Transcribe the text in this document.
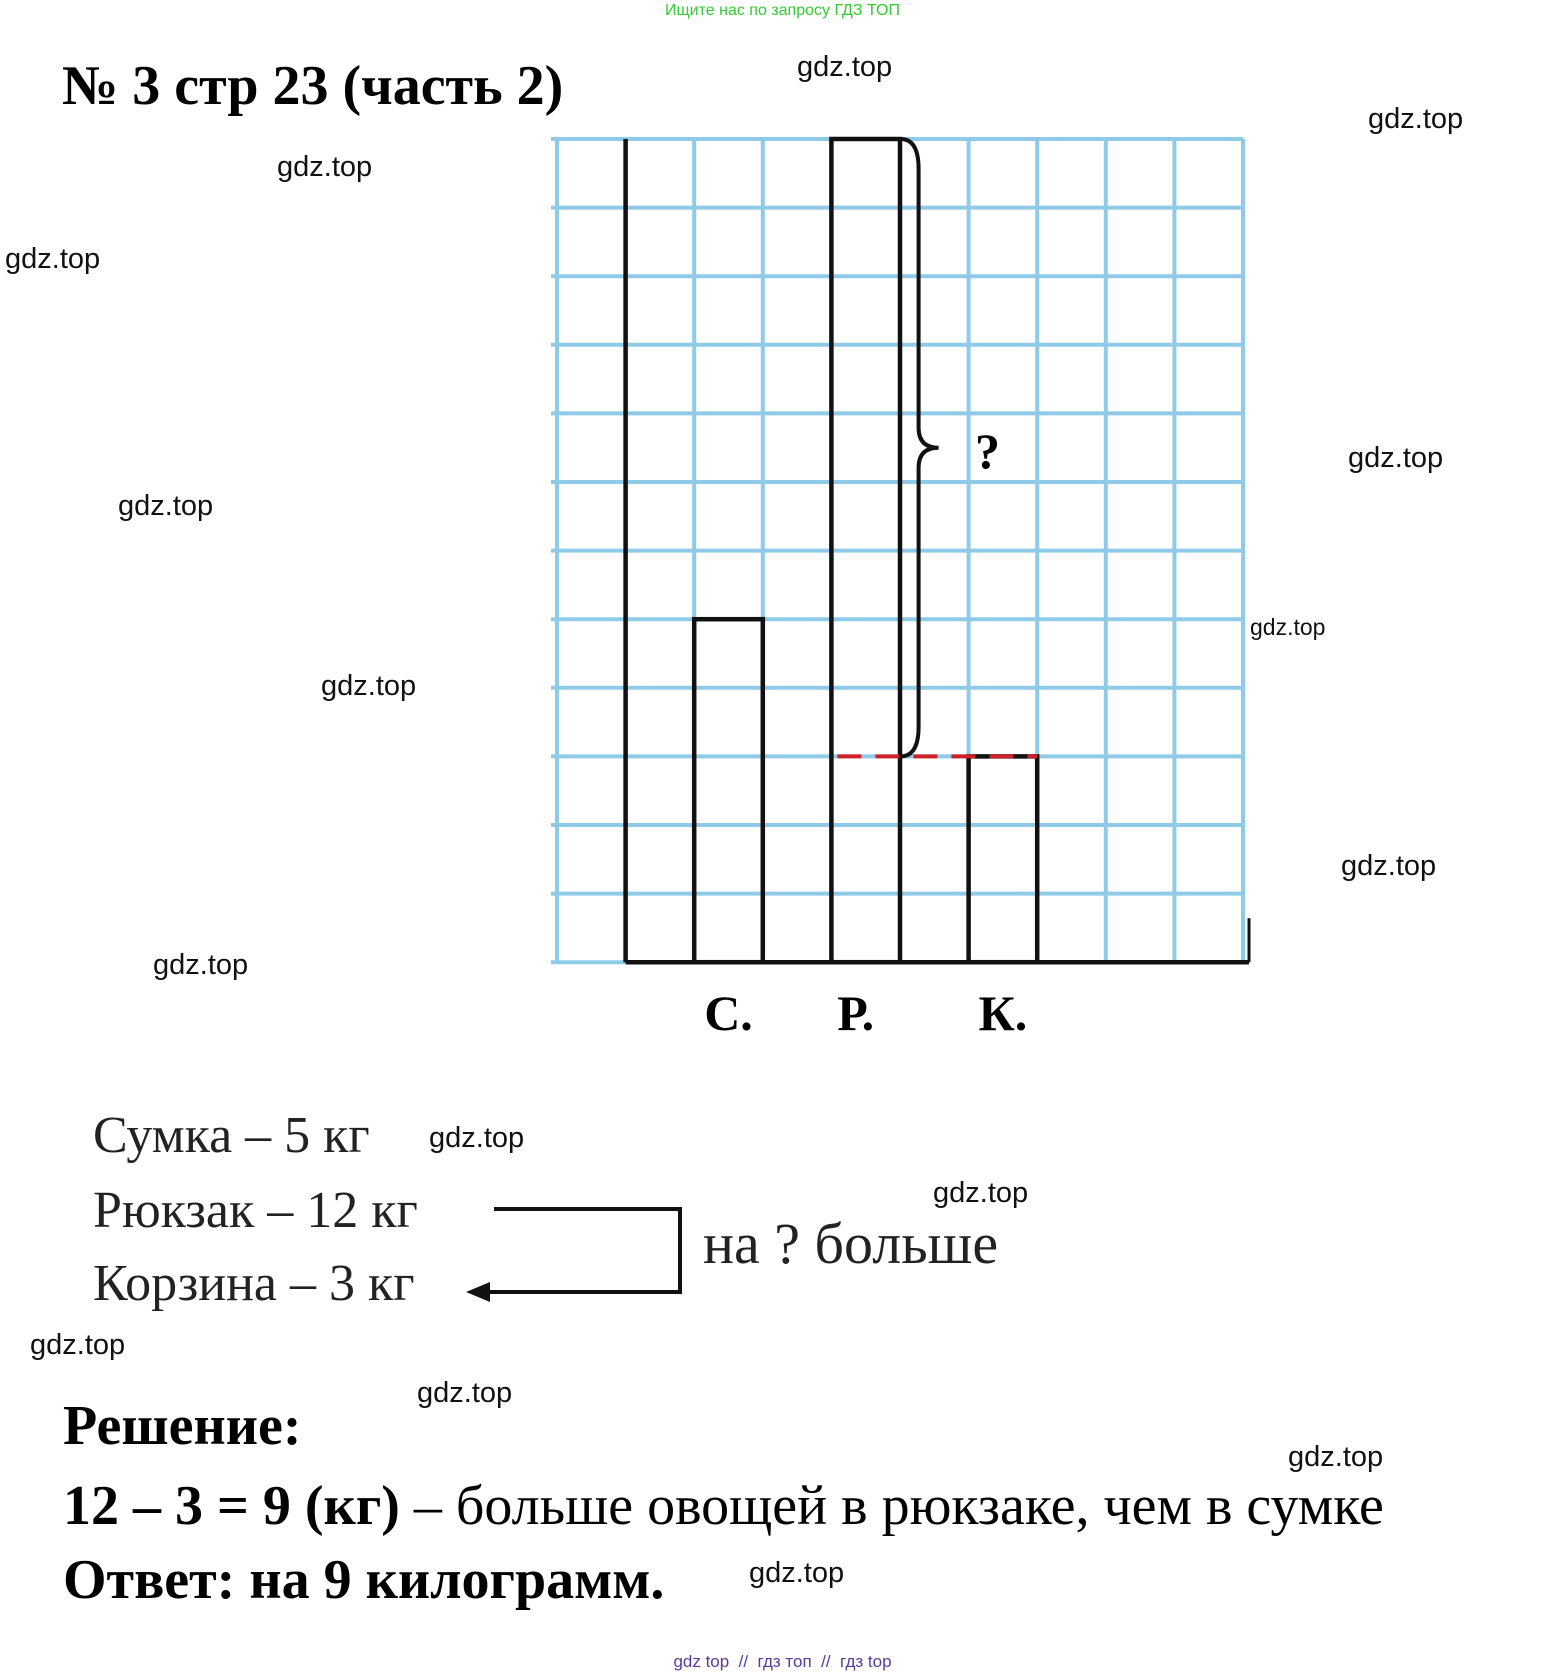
Ищите нас по запросу ГДЗ ТОП
№ 3 стр 23 (часть 2)
?
С. Р. К.
gdz.top
gdz.top
gdz.top
gdz.top
gdz.top
gdz.top
gdz.top
gdz.top
gdz.top
gdz.top
gdz.top
gdz.top
gdz.top
gdz.top
gdz.top
gdz.top
Сумка – 5 кг
Рюкзак – 12 кг
Корзина – 3 кг
на ? больше
Решение:
12 – 3 = 9 (кг) – больше овощей в рюкзаке, чем в сумке
Ответ: на 9 килограмм.
gdz top  //  гдз топ  //  гдз top
